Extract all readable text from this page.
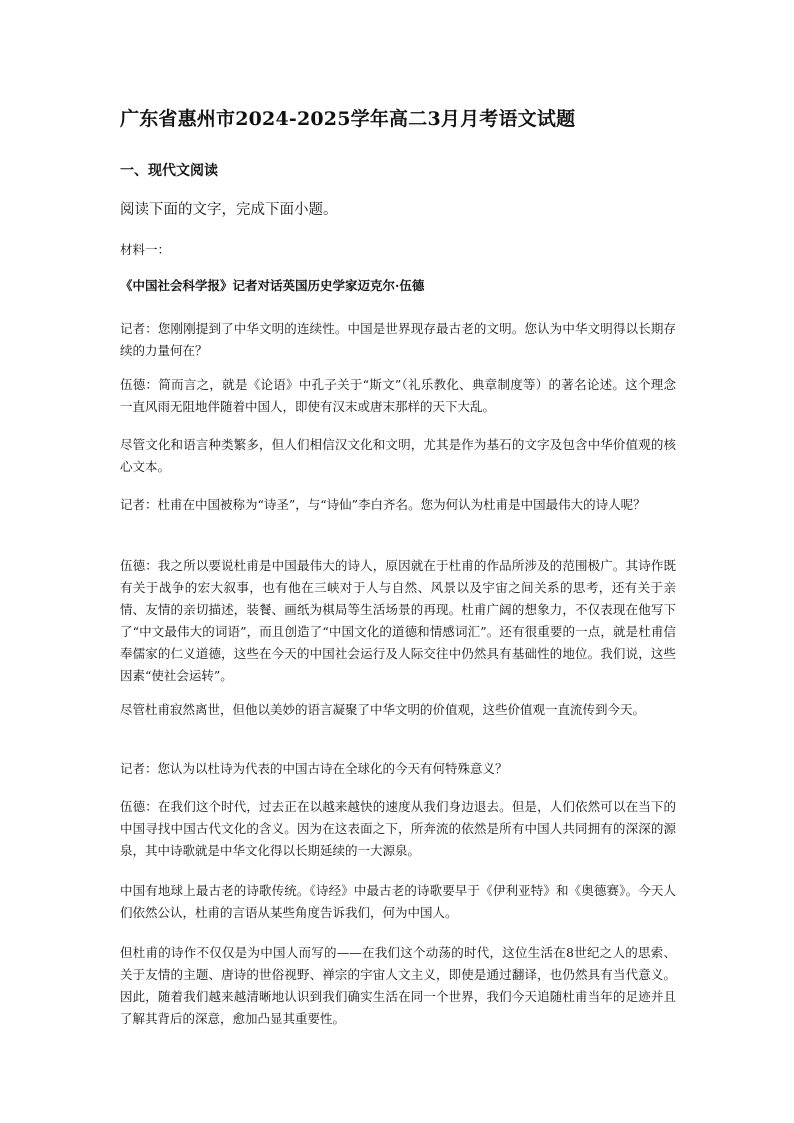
广东省惠州市2024-2025学年高二3月月考语文试题
一、现代文阅读
阅读下面的文字，完成下面小题。
材料一：
《中国社会科学报》记者对话英国历史学家迈克尔·伍德
记者：您刚刚提到了中华文明的连续性。中国是世界现存最古老的文明。您认为中华文明得以长期存续的力量何在？
伍德：简而言之，就是《论语》中孔子关于“斯文”（礼乐教化、典章制度等）的著名论述。这个理念一直风雨无阻地伴随着中国人，即使有汉末或唐末那样的天下大乱。
尽管文化和语言种类繁多，但人们相信汉文化和文明，尤其是作为基石的文字及包含中华价值观的核心文本。
记者：杜甫在中国被称为“诗圣”，与“诗仙”李白齐名。您为何认为杜甫是中国最伟大的诗人呢？
伍德：我之所以要说杜甫是中国最伟大的诗人，原因就在于杜甫的作品所涉及的范围极广。其诗作既有关于战争的宏大叙事，也有他在三峡对于人与自然、风景以及宇宙之间关系的思考，还有关于亲情、友情的亲切描述，装餐、画纸为棋局等生活场景的再现。杜甫广阔的想象力，不仅表现在他写下了“中文最伟大的词语”，而且创造了“中国文化的道德和情感词汇”。还有很重要的一点，就是杜甫信奉儒家的仁义道德，这些在今天的中国社会运行及人际交往中仍然具有基础性的地位。我们说，这些因素“使社会运转”。
尽管杜甫寂然离世，但他以美妙的语言凝聚了中华文明的价值观，这些价值观一直流传到今天。
记者：您认为以杜诗为代表的中国古诗在全球化的今天有何特殊意义？
伍德：在我们这个时代，过去正在以越来越快的速度从我们身边退去。但是，人们依然可以在当下的中国寻找中国古代文化的含义。因为在这表面之下，所奔流的依然是所有中国人共同拥有的深深的源泉，其中诗歌就是中华文化得以长期延续的一大源泉。
中国有地球上最古老的诗歌传统。《诗经》中最古老的诗歌要早于《伊利亚特》和《奥德赛》。今天人们依然公认，杜甫的言语从某些角度告诉我们，何为中国人。
但杜甫的诗作不仅仅是为中国人而写的——在我们这个动荡的时代，这位生活在8世纪之人的思索、关于友情的主题、唐诗的世俗视野、禅宗的宇宙人文主义，即使是通过翻译，也仍然具有当代意义。因此，随着我们越来越清晰地认识到我们确实生活在同一个世界，我们今天追随杜甫当年的足迹并且了解其背后的深意，愈加凸显其重要性。
